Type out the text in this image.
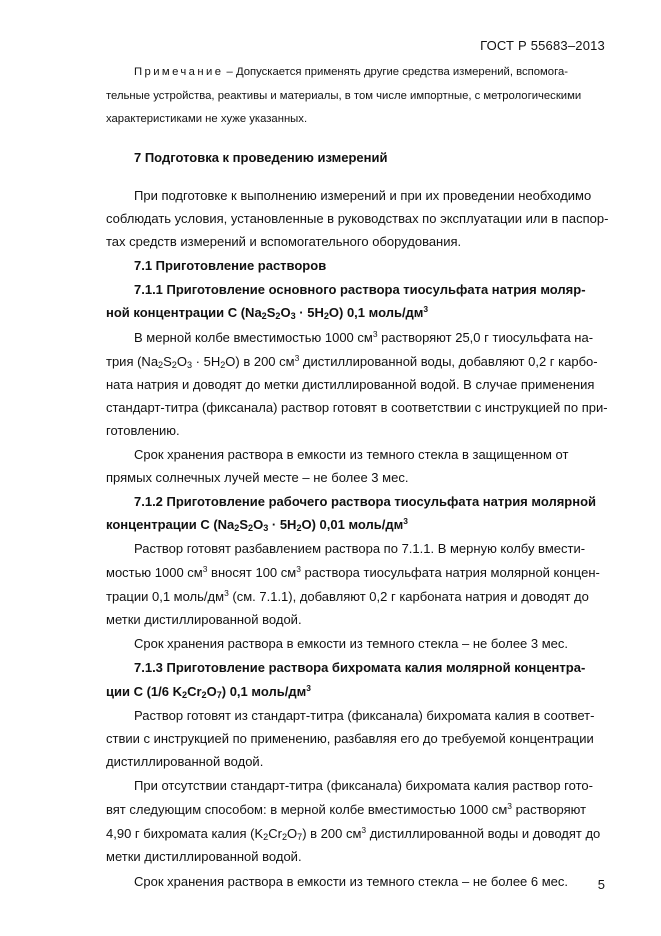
ГОСТ Р 55683–2013
Примечание – Допускается применять другие средства измерений, вспомога-
тельные устройства, реактивы и материалы, в том числе импортные, с метрологическими
характеристиками не хуже указанных.
7 Подготовка к проведению измерений
При подготовке к выполнению измерений и при их проведении необходимо
соблюдать условия, установленные в руководствах по эксплуатации или в паспор-
тах средств измерений и вспомогательного оборудования.
7.1 Приготовление растворов
7.1.1 Приготовление основного раствора тиосульфата натрия моляр-
ной концентрации С $(Na_2S_2O_3 \cdot 5H_2O)$ 0,1 моль/$дм^3$
В мерной колбе вместимостью 1000 $см^3$ растворяют 25,0 г тиосульфата на-
трия $(Na_2S_2O_3 \cdot 5H_2O)$ в 200 $см^3$ дистиллированной воды, добавляют 0,2 г карбо-
ната натрия и доводят до метки дистиллированной водой. В случае применения
стандарт-титра (фиксанала) раствор готовят в соответствии с инструкцией по при-
готовлению.
Срок хранения раствора в емкости из темного стекла в защищенном от
прямых солнечных лучей месте – не более 3 мес.
7.1.2 Приготовление рабочего раствора тиосульфата натрия молярной
концентрации С $(Na_2S_2O_3 \cdot 5H_2O)$ 0,01 моль/$дм^3$
Раствор готовят разбавлением раствора по 7.1.1. В мерную колбу вмести-
мостью 1000 $см^3$ вносят 100 $см^3$ раствора тиосульфата натрия молярной концен-
трации 0,1 моль/$дм^3$ (см. 7.1.1), добавляют 0,2 г карбоната натрия и доводят до
метки дистиллированной водой.
Срок хранения раствора в емкости из темного стекла – не более 3 мес.
7.1.3 Приготовление раствора бихромата калия молярной концентра-
ции С (1/6 $K_2Cr_2O_7$) 0,1 моль/$дм^3$
Раствор готовят из стандарт-титра (фиксанала) бихромата калия в соответ-
ствии с инструкцией по применению, разбавляя его до требуемой концентрации
дистиллированной водой.
При отсутствии стандарт-титра (фиксанала) бихромата калия раствор гото-
вят следующим способом: в мерной колбе вместимостью 1000 $см^3$ растворяют
4,90 г бихромата калия $(K_2Cr_2O_7)$ в 200 $см^3$ дистиллированной воды и доводят до
метки дистиллированной водой.
Срок хранения раствора в емкости из темного стекла – не более 6 мес. 5
